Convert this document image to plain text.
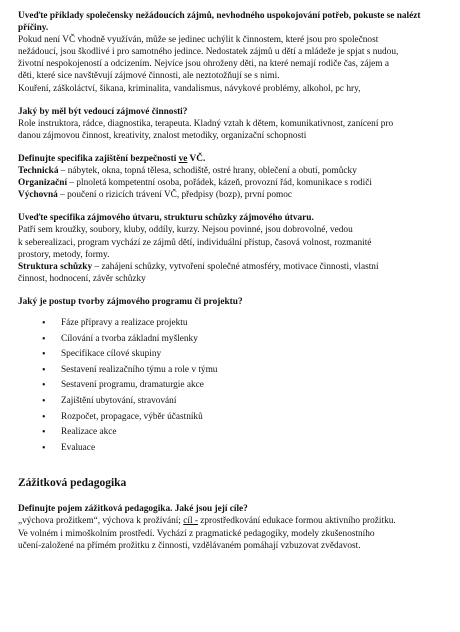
Uveďte příklady společensky nežádoucích zájmů, nevhodného uspokojování potřeb, pokuste se nalézt příčiny.

Pokud není VČ vhodně využíván, může se jedinec uchýlit k činnostem, které jsou pro společnost

nežádoucí, jsou škodlivé i pro samotného jedince. Nedostatek zájmů u dětí a mládeže je spjat s nudou,

životní nespokojeností a odcizením. Nejvíce jsou ohroženy děti, na které nemají rodiče čas, zájem a

děti, které sice navštěvují zájmové činnosti, ale neztotožňují se s nimi.

Kouření, záškoláctví, šikana, kriminalita, vandalismus, návykové problémy, alkohol, pc hry,

Jaký by měl být vedoucí zájmové činnosti?

Role instruktora, rádce, diagnostika, terapeuta. Kladný vztah k dětem, komunikativnost, zanícení pro

danou zájmovou činnost, kreativity, znalost metodiky, organizační schopnosti

Definujte specifika zajištění bezpečnosti ve VČ.

Technická – nábytek, okna, topná tělesa, schodiště, ostré hrany, oblečení a obutí, pomůcky

Organizační – plnoletá kompetentní osoba, pořádek, kázeň, provozní řád, komunikace s rodiči

Výchovná – poučení o rizicích trávení VČ, předpisy (bozp), první pomoc

Uveďte specifika zájmového útvaru, strukturu schůzky zájmového útvaru.

Patří sem kroužky, soubory, kluby, oddíly, kurzy. Nejsou povinné, jsou dobrovolné, vedou

k seberealizaci, program vychází ze zájmů dětí, individuální přístup, časová volnost, rozmanité

prostory, metody, formy.

Struktura schůzky – zahájení schůzky, vytvoření společné atmosféry, motivace činnosti, vlastní

činnost, hodnocení, závěr schůzky

Jaký je postup tvorby zájmového programu či projektu?

• Fáze přípravy a realizace projektu
• Cílování a tvorba základní myšlenky
• Specifikace cílové skupiny
• Sestavení realizačního týmu a role v týmu
• Sestavení programu, dramaturgie akce
• Zajištění ubytování, stravování
• Rozpočet, propagace, výběr účastníků
• Realizace akce
• Evaluace
Zážitková pedagogika

Definujte pojem zážitková pedagogika. Jaké jsou její cíle?

„výchova prožitkem“, výchova k prožívání; cíl - zprostředkování edukace formou aktivního prožitku.

Ve volném i mimoškolním prostředí. Vychází z pragmatické pedagogiky, modely zkušenostního

učení-založené na přímém prožitku z činnosti, vzdělávaném pomáhají vzbuzovat zvědavost.
